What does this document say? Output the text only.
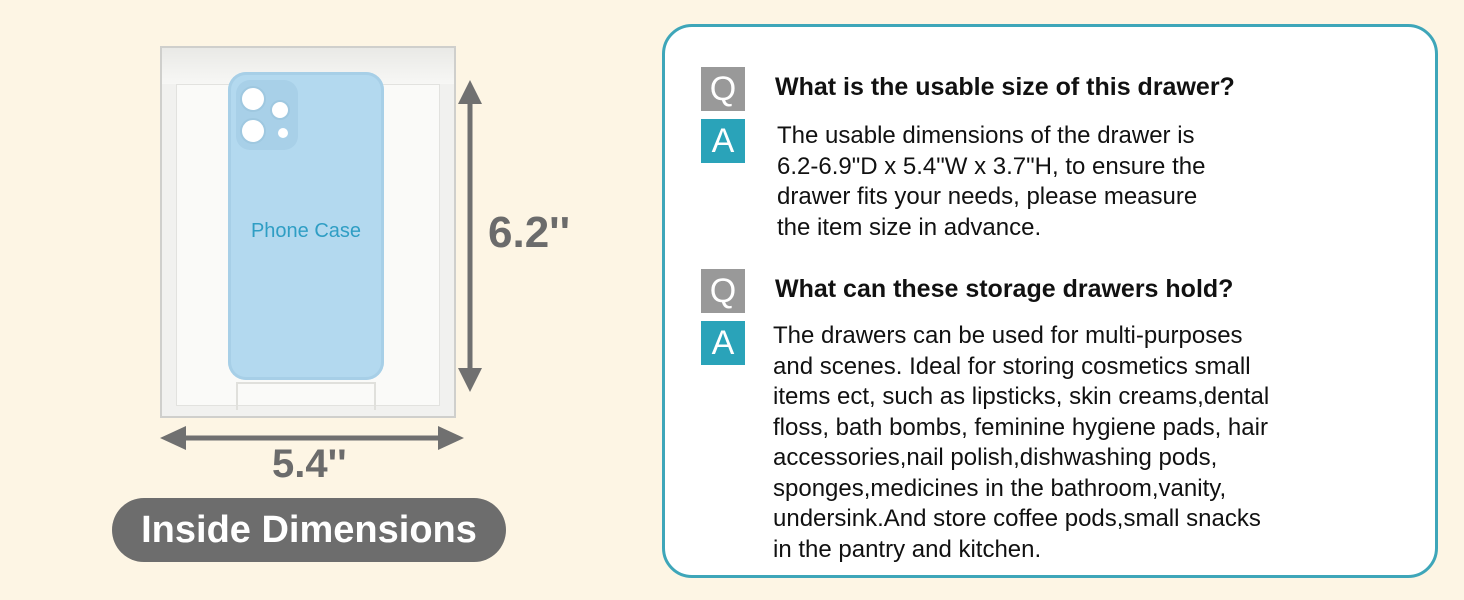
Phone Case	6.2''
5.4''
Inside Dimensions
Q	What is the usable size of this drawer?
A	The usable dimensions of the drawer is
6.2-6.9"D x 5.4"W x 3.7"H, to ensure the
drawer fits your needs, please measure
the item size in advance.
Q	What can these storage drawers hold?
A	The drawers can be used for multi-purposes
and scenes. Ideal for storing cosmetics small
items ect, such as lipsticks, skin creams,dental
floss, bath bombs, feminine hygiene pads, hair
accessories,nail polish,dishwashing pods,
sponges,medicines in the bathroom,vanity,
undersink.And store coffee pods,small snacks
in the pantry and kitchen.
